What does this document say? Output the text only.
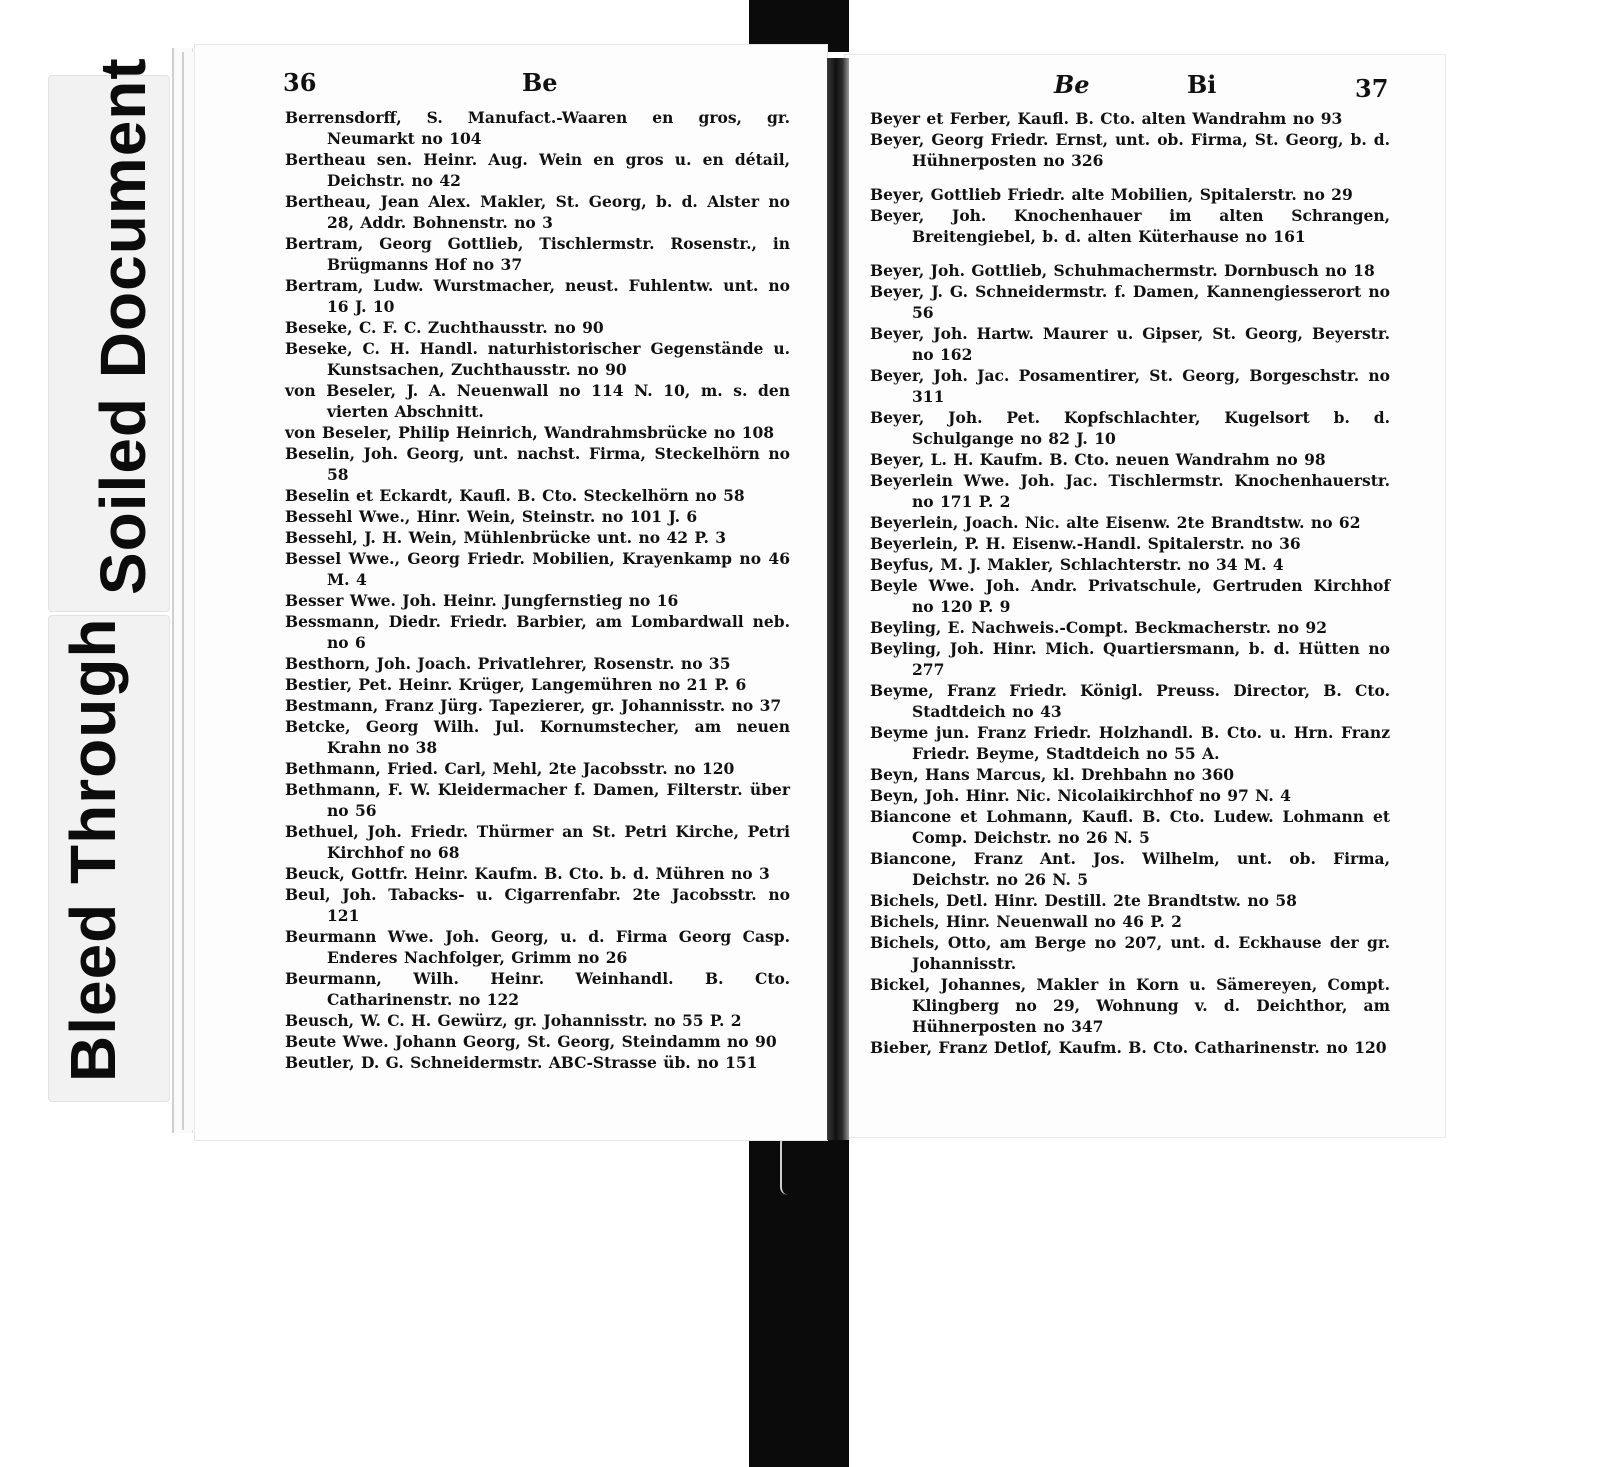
Soiled Document
Bleed Through
36	Be	Be	Bi	37
Berrensdorff, S. Manufact.-Waaren en gros, gr. Neumarkt no 104
Bertheau sen. Heinr. Aug. Wein en gros u. en détail, Deichstr. no 42
Bertheau, Jean Alex. Makler, St. Georg, b. d. Alster no 28, Addr. Bohnenstr. no 3
Bertram, Georg Gottlieb, Tischlermstr. Rosenstr., in Brügmanns Hof no 37
Bertram, Ludw. Wurstmacher, neust. Fuhlentw. unt. no 16 J. 10
Beseke, C. F. C. Zuchthausstr. no 90
Beseke, C. H. Handl. naturhistorischer Gegenstände u. Kunstsachen, Zuchthausstr. no 90
von Beseler, J. A. Neuenwall no 114 N. 10, m. s. den vierten Abschnitt.
von Beseler, Philip Heinrich, Wandrahmsbrücke no 108
Beselin, Joh. Georg, unt. nachst. Firma, Steckelhörn no 58
Beselin et Eckardt, Kaufl. B. Cto. Steckelhörn no 58
Bessehl Wwe., Hinr. Wein, Steinstr. no 101 J. 6
Bessehl, J. H. Wein, Mühlenbrücke unt. no 42 P. 3
Bessel Wwe., Georg Friedr. Mobilien, Krayenkamp no 46 M. 4
Besser Wwe. Joh. Heinr. Jungfernstieg no 16
Bessmann, Diedr. Friedr. Barbier, am Lombardwall neb. no 6
Besthorn, Joh. Joach. Privatlehrer, Rosenstr. no 35
Bestier, Pet. Heinr. Krüger, Langemühren no 21 P. 6
Bestmann, Franz Jürg. Tapezierer, gr. Johannisstr. no 37
Betcke, Georg Wilh. Jul. Kornumstecher, am neuen Krahn no 38
Bethmann, Fried. Carl, Mehl, 2te Jacobsstr. no 120
Bethmann, F. W. Kleidermacher f. Damen, Filterstr. über no 56
Bethuel, Joh. Friedr. Thürmer an St. Petri Kirche, Petri Kirchhof no 68
Beuck, Gottfr. Heinr. Kaufm. B. Cto. b. d. Mühren no 3
Beul, Joh. Tabacks- u. Cigarrenfabr. 2te Jacobsstr. no 121
Beurmann Wwe. Joh. Georg, u. d. Firma Georg Casp. Enderes Nachfolger, Grimm no 26
Beurmann, Wilh. Heinr. Weinhandl. B. Cto. Catharinenstr. no 122
Beusch, W. C. H. Gewürz, gr. Johannisstr. no 55 P. 2
Beute Wwe. Johann Georg, St. Georg, Steindamm no 90
Beutler, D. G. Schneidermstr. ABC-Strasse üb. no 151
Beyer et Ferber, Kaufl. B. Cto. alten Wandrahm no 93
Beyer, Georg Friedr. Ernst, unt. ob. Firma, St. Georg, b. d. Hühnerposten no 326
Beyer, Gottlieb Friedr. alte Mobilien, Spitalerstr. no 29
Beyer, Joh. Knochenhauer im alten Schrangen, Breitengiebel, b. d. alten Küterhause no 161
Beyer, Joh. Gottlieb, Schuhmachermstr. Dornbusch no 18
Beyer, J. G. Schneidermstr. f. Damen, Kannengiesserort no 56
Beyer, Joh. Hartw. Maurer u. Gipser, St. Georg, Beyerstr. no 162
Beyer, Joh. Jac. Posamentirer, St. Georg, Borgeschstr. no 311
Beyer, Joh. Pet. Kopfschlachter, Kugelsort b. d. Schulgange no 82 J. 10
Beyer, L. H. Kaufm. B. Cto. neuen Wandrahm no 98
Beyerlein Wwe. Joh. Jac. Tischlermstr. Knochenhauerstr. no 171 P. 2
Beyerlein, Joach. Nic. alte Eisenw. 2te Brandtstw. no 62
Beyerlein, P. H. Eisenw.-Handl. Spitalerstr. no 36
Beyfus, M. J. Makler, Schlachterstr. no 34 M. 4
Beyle Wwe. Joh. Andr. Privatschule, Gertruden Kirchhof no 120 P. 9
Beyling, E. Nachweis.-Compt. Beckmacherstr. no 92
Beyling, Joh. Hinr. Mich. Quartiersmann, b. d. Hütten no 277
Beyme, Franz Friedr. Königl. Preuss. Director, B. Cto. Stadtdeich no 43
Beyme jun. Franz Friedr. Holzhandl. B. Cto. u. Hrn. Franz Friedr. Beyme, Stadtdeich no 55 A.
Beyn, Hans Marcus, kl. Drehbahn no 360
Beyn, Joh. Hinr. Nic. Nicolaikirchhof no 97 N. 4
Biancone et Lohmann, Kaufl. B. Cto. Ludew. Lohmann et Comp. Deichstr. no 26 N. 5
Biancone, Franz Ant. Jos. Wilhelm, unt. ob. Firma, Deichstr. no 26 N. 5
Bichels, Detl. Hinr. Destill. 2te Brandtstw. no 58
Bichels, Hinr. Neuenwall no 46 P. 2
Bichels, Otto, am Berge no 207, unt. d. Eckhause der gr. Johannisstr.
Bickel, Johannes, Makler in Korn u. Sämereyen, Compt. Klingberg no 29, Wohnung v. d. Deichthor, am Hühnerposten no 347
Bieber, Franz Detlof, Kaufm. B. Cto. Catharinenstr. no 120
